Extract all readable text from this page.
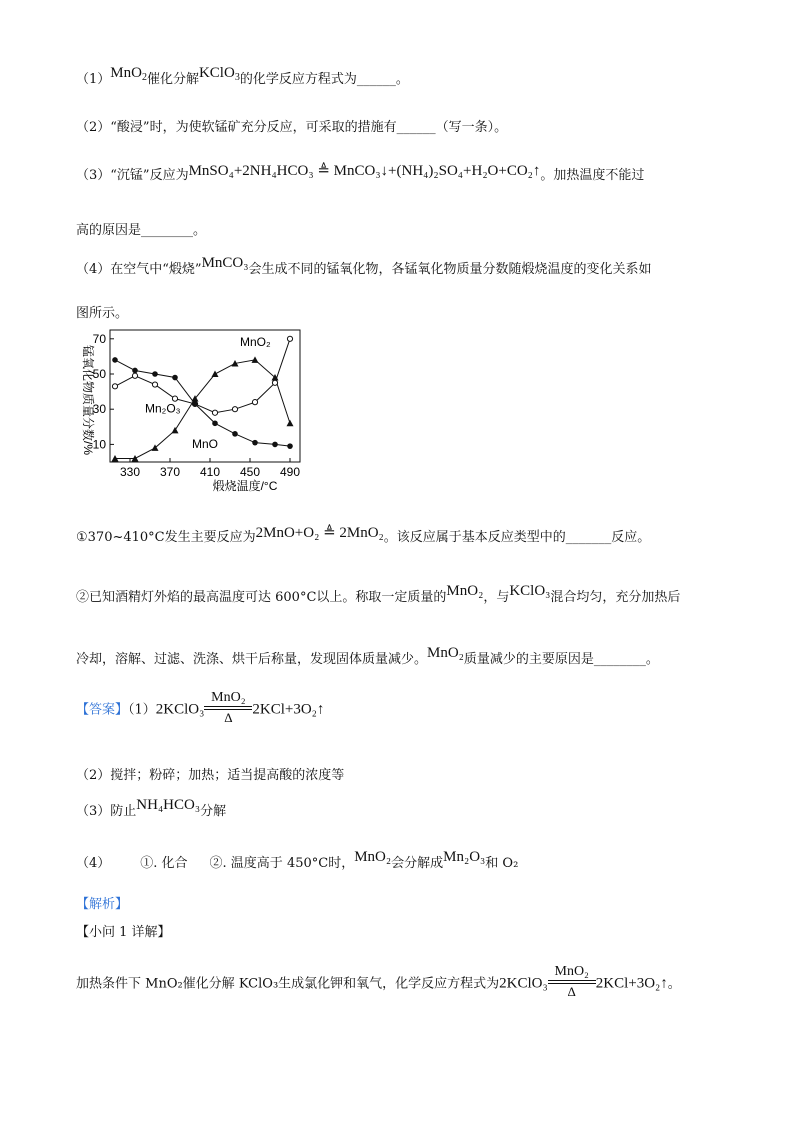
（1）MnO$_2$催化分解KClO$_3$的化学反应方程式为______。
（2）“酸浸”时，为使软锰矿充分反应，可采取的措施有______（写一条）。
（3）“沉锰”反应为MnSO₄+2NH₄HCO₃ ≜ MnCO₃↓+(NH₄)₂SO₄+H₂O+CO₂↑。加热温度不能过
高的原因是________。
（4）在空气中“煅烧”MnCO₃会生成不同的锰氧化物，各锰氧化物质量分数随煅烧温度的变化关系如
图所示。
330 370 410 450 490
10
30
50
70
锰氧化物质量分数/%
煅烧温度/°C
MnO₂
Mn₂O₃
MnO
①370~410°C发生主要反应为2MnO+O₂ ≜ 2MnO₂。该反应属于基本反应类型中的_______反应。
②已知酒精灯外焰的最高温度可达 600°C以上。称取一定质量的MnO₂，与KClO₃混合均匀，充分加热后
冷却，溶解、过滤、洗涤、烘干后称量，发现固体质量减少。MnO₂质量减少的主要原因是________。
【答案】（1）2KClO₃
MnO₂
Δ	2KCl+3O₂↑
（2）搅拌；粉碎；加热；适当提高酸的浓度等
（3）防止NH₄HCO₃分解
（4） ①. 化合 ②. 温度高于 450°C时，MnO₂会分解成Mn₂O₃和 O₂
【解析】
【小问 1 详解】
加热条件下 MnO₂催化分解 KClO₃生成氯化钾和氧气，化学反应方程式为2KClO₃
MnO₂
Δ	2KCl+3O₂↑。
